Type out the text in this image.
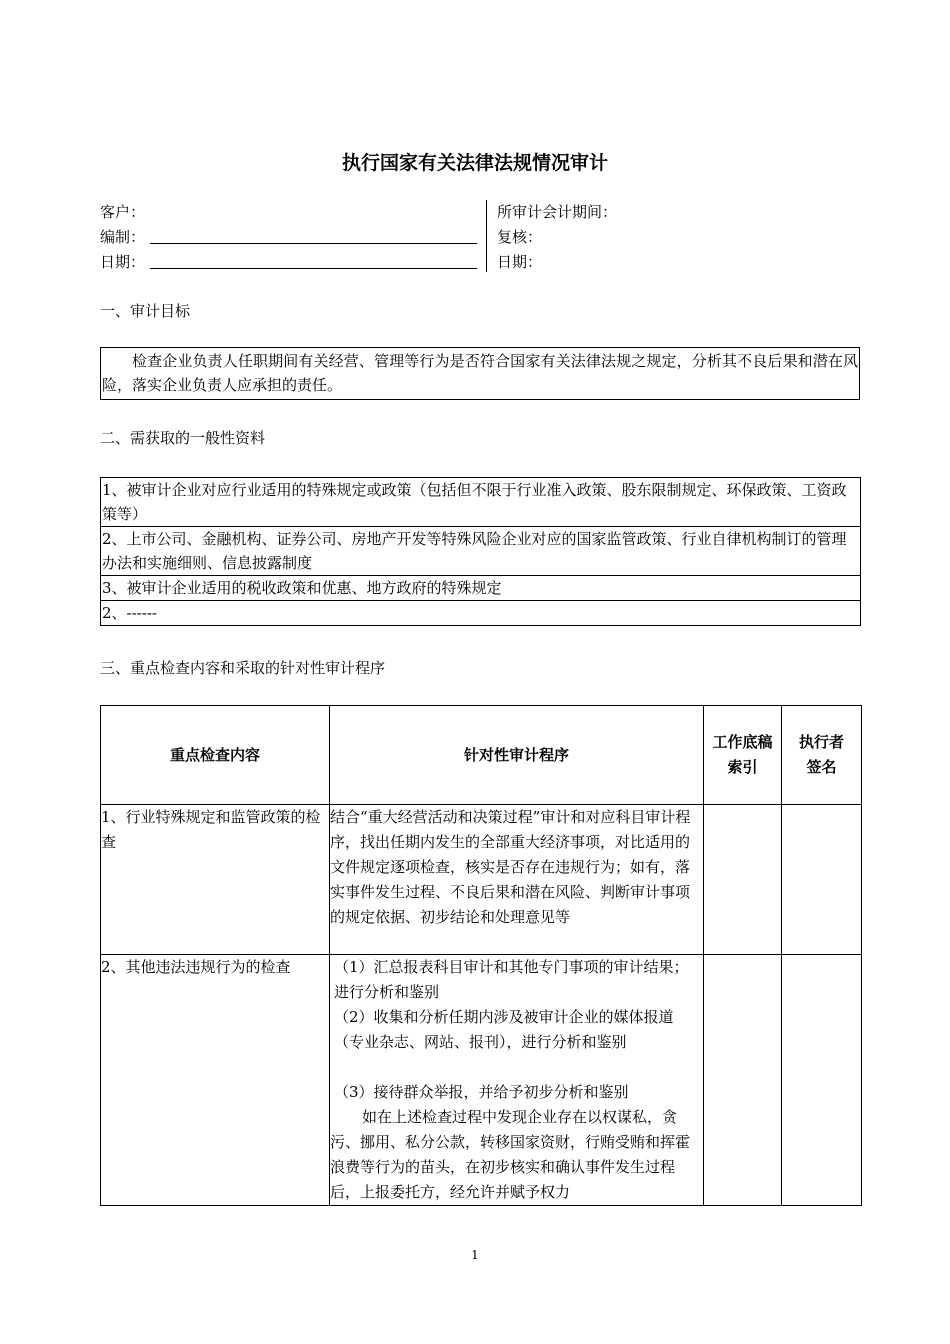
执行国家有关法律法规情况审计
客户：	所审计会计期间：
编制：	复核：
日期：	日期：
一、审计目标

检查企业负责人任职期间有关经营、管理等行为是否符合国家有关法律法规之规定，分析其不良后果和潜在风险，落实企业负责人应承担的责任。

二、需获取的一般性资料
1、被审计企业对应行业适用的特殊规定或政策（包括但不限于行业准入政策、股东限制规定、环保政策、工资政策等）
2、上市公司、金融机构、证券公司、房地产开发等特殊风险企业对应的国家监管政策、行业自律机构制订的管理办法和实施细则、信息披露制度
3、被审计企业适用的税收政策和优惠、地方政府的特殊规定
2、------
三、重点检查内容和采取的针对性审计程序
重点检查内容	针对性审计程序	工作底稿索引	执行者签名
1、行业特殊规定和监管政策的检查	结合“重大经营活动和决策过程”审计和对应科目审计程序，找出任期内发生的全部重大经济事项，对比适用的文件规定逐项检查，核实是否存在违规行为；如有，落实事件发生过程、不良后果和潜在风险、判断审计事项的规定依据、初步结论和处理意见等		
2、其他违法违规行为的检查	（1）汇总报表科目审计和其他专门事项的审计结果；进行分析和鉴别
（2）收集和分析任期内涉及被审计企业的媒体报道（专业杂志、网站、报刊），进行分析和鉴别
（3）接待群众举报，并给予初步分析和鉴别
如在上述检查过程中发现企业存在以权谋私，贪污、挪用、私分公款，转移国家资财，行贿受贿和挥霍浪费等行为的苗头，在初步核实和确认事件发生过程后，上报委托方，经允许并赋予权力		

1
